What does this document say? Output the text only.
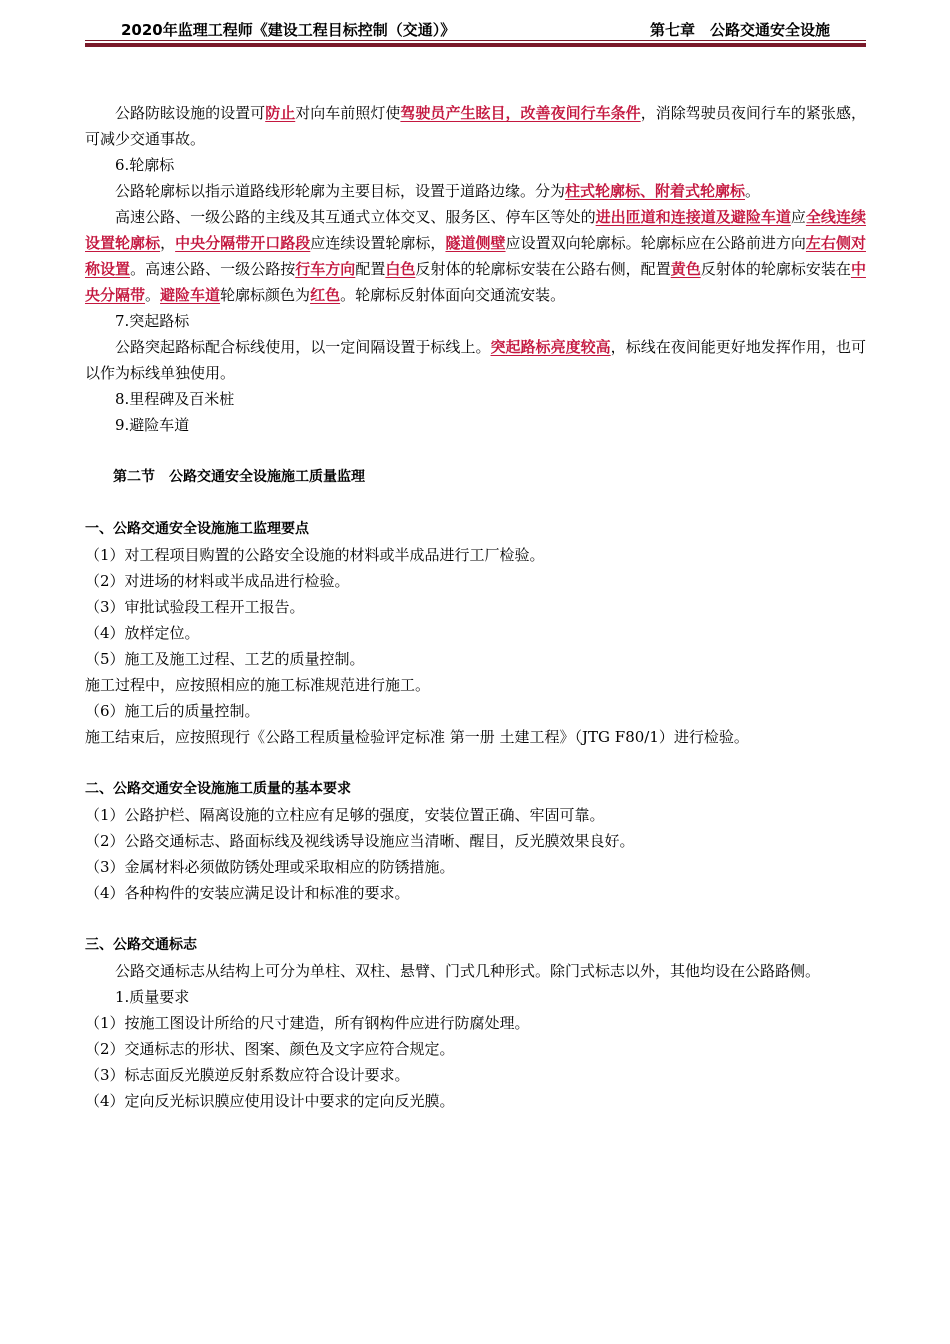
2020年监理工程师《建设工程目标控制（交通）》	第七章　公路交通安全设施

公路防眩设施的设置可防止对向车前照灯使驾驶员产生眩目，改善夜间行车条件，消除驾驶员夜间行车的紧张感，可减少交通事故。

6.轮廓标

公路轮廓标以指示道路线形轮廓为主要目标，设置于道路边缘。分为柱式轮廓标、附着式轮廓标。

高速公路、一级公路的主线及其互通式立体交叉、服务区、停车区等处的进出匝道和连接道及避险车道应全线连续设置轮廓标，中央分隔带开口路段应连续设置轮廓标，隧道侧壁应设置双向轮廓标。轮廓标应在公路前进方向左右侧对称设置。高速公路、一级公路按行车方向配置白色反射体的轮廓标安装在公路右侧，配置黄色反射体的轮廓标安装在中央分隔带。避险车道轮廓标颜色为红色。轮廓标反射体面向交通流安装。

7.突起路标

公路突起路标配合标线使用，以一定间隔设置于标线上。突起路标亮度较高，标线在夜间能更好地发挥作用，也可以作为标线单独使用。

8.里程碑及百米桩

9.避险车道

第二节　公路交通安全设施施工质量监理

一、公路交通安全设施施工监理要点

（1）对工程项目购置的公路安全设施的材料或半成品进行工厂检验。

（2）对进场的材料或半成品进行检验。

（3）审批试验段工程开工报告。

（4）放样定位。

（5）施工及施工过程、工艺的质量控制。

施工过程中，应按照相应的施工标准规范进行施工。

（6）施工后的质量控制。

施工结束后，应按照现行《公路工程质量检验评定标准 第一册 土建工程》（JTG F80/1）进行检验。

二、公路交通安全设施施工质量的基本要求

（1）公路护栏、隔离设施的立柱应有足够的强度，安装位置正确、牢固可靠。

（2）公路交通标志、路面标线及视线诱导设施应当清晰、醒目，反光膜效果良好。

（3）金属材料必须做防锈处理或采取相应的防锈措施。

（4）各种构件的安装应满足设计和标准的要求。

三、公路交通标志

公路交通标志从结构上可分为单柱、双柱、悬臂、门式几种形式。除门式标志以外，其他均设在公路路侧。

1.质量要求

（1）按施工图设计所给的尺寸建造，所有钢构件应进行防腐处理。

（2）交通标志的形状、图案、颜色及文字应符合规定。

（3）标志面反光膜逆反射系数应符合设计要求。

（4）定向反光标识膜应使用设计中要求的定向反光膜。
